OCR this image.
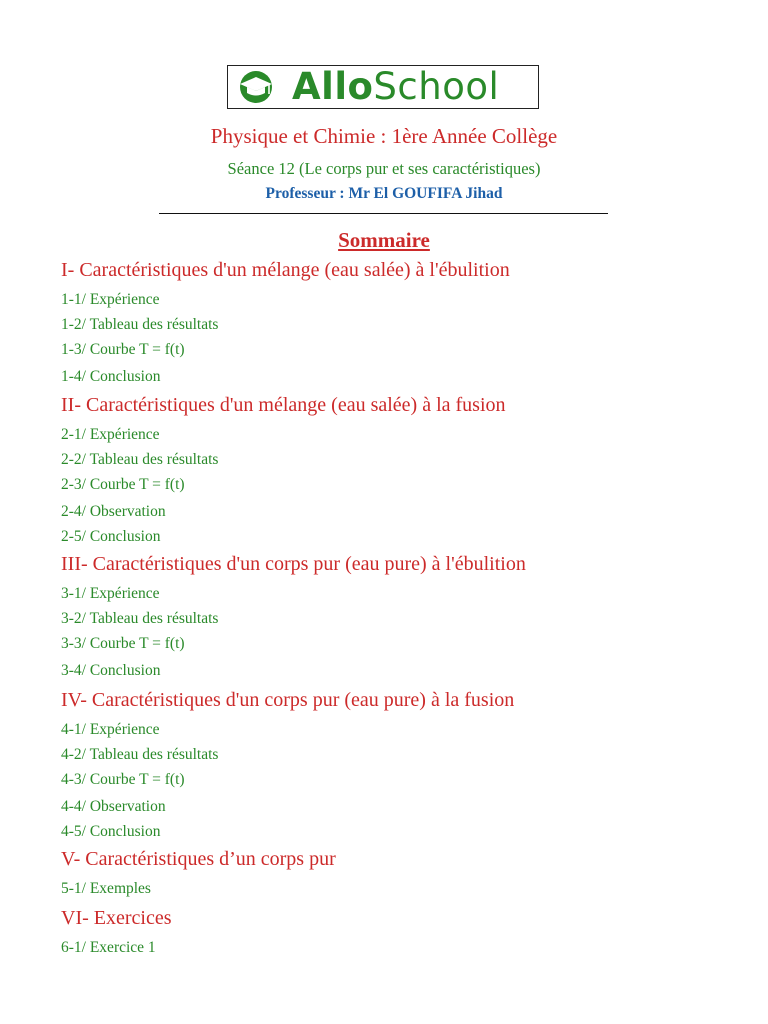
AlloSchool
Physique et Chimie : 1ère Année Collège
Séance 12 (Le corps pur et ses caractéristiques)
Professeur : Mr El GOUFIFA Jihad
Sommaire
I- Caractéristiques d'un mélange (eau salée) à l'ébulition
1-1/ Expérience
1-2/ Tableau des résultats
1-3/ Courbe T = f(t)
1-4/ Conclusion
II- Caractéristiques d'un mélange (eau salée) à la fusion
2-1/ Expérience
2-2/ Tableau des résultats
2-3/ Courbe T = f(t)
2-4/ Observation
2-5/ Conclusion
III- Caractéristiques d'un corps pur (eau pure) à l'ébulition
3-1/ Expérience
3-2/ Tableau des résultats
3-3/ Courbe T = f(t)
3-4/ Conclusion
IV- Caractéristiques d'un corps pur (eau pure) à la fusion
4-1/ Expérience
4-2/ Tableau des résultats
4-3/ Courbe T = f(t)
4-4/ Observation
4-5/ Conclusion
V- Caractéristiques d’un corps pur
5-1/ Exemples
VI- Exercices
6-1/ Exercice 1
